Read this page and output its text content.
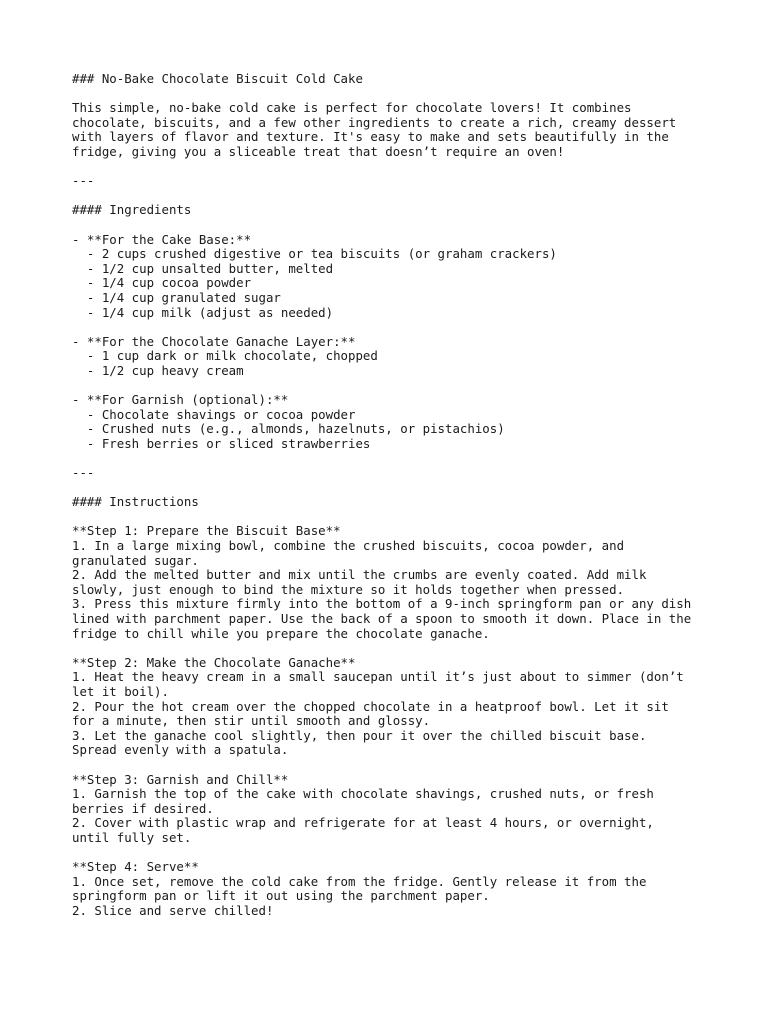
### No-Bake Chocolate Biscuit Cold Cake
This simple, no-bake cold cake is perfect for chocolate lovers! It combines
chocolate, biscuits, and a few other ingredients to create a rich, creamy dessert
with layers of flavor and texture. It's easy to make and sets beautifully in the
fridge, giving you a sliceable treat that doesn’t require an oven!
---
#### Ingredients
- **For the Cake Base:**
- 2 cups crushed digestive or tea biscuits (or graham crackers)
- 1/2 cup unsalted butter, melted
- 1/4 cup cocoa powder
- 1/4 cup granulated sugar
- 1/4 cup milk (adjust as needed)
- **For the Chocolate Ganache Layer:**
- 1 cup dark or milk chocolate, chopped
- 1/2 cup heavy cream
- **For Garnish (optional):**
- Chocolate shavings or cocoa powder
- Crushed nuts (e.g., almonds, hazelnuts, or pistachios)
- Fresh berries or sliced strawberries
---
#### Instructions
**Step 1: Prepare the Biscuit Base**
1. In a large mixing bowl, combine the crushed biscuits, cocoa powder, and
granulated sugar.
2. Add the melted butter and mix until the crumbs are evenly coated. Add milk
slowly, just enough to bind the mixture so it holds together when pressed.
3. Press this mixture firmly into the bottom of a 9-inch springform pan or any dish
lined with parchment paper. Use the back of a spoon to smooth it down. Place in the
fridge to chill while you prepare the chocolate ganache.
**Step 2: Make the Chocolate Ganache**
1. Heat the heavy cream in a small saucepan until it’s just about to simmer (don’t
let it boil).
2. Pour the hot cream over the chopped chocolate in a heatproof bowl. Let it sit
for a minute, then stir until smooth and glossy.
3. Let the ganache cool slightly, then pour it over the chilled biscuit base.
Spread evenly with a spatula.
**Step 3: Garnish and Chill**
1. Garnish the top of the cake with chocolate shavings, crushed nuts, or fresh
berries if desired.
2. Cover with plastic wrap and refrigerate for at least 4 hours, or overnight,
until fully set.
**Step 4: Serve**
1. Once set, remove the cold cake from the fridge. Gently release it from the
springform pan or lift it out using the parchment paper.
2. Slice and serve chilled!
